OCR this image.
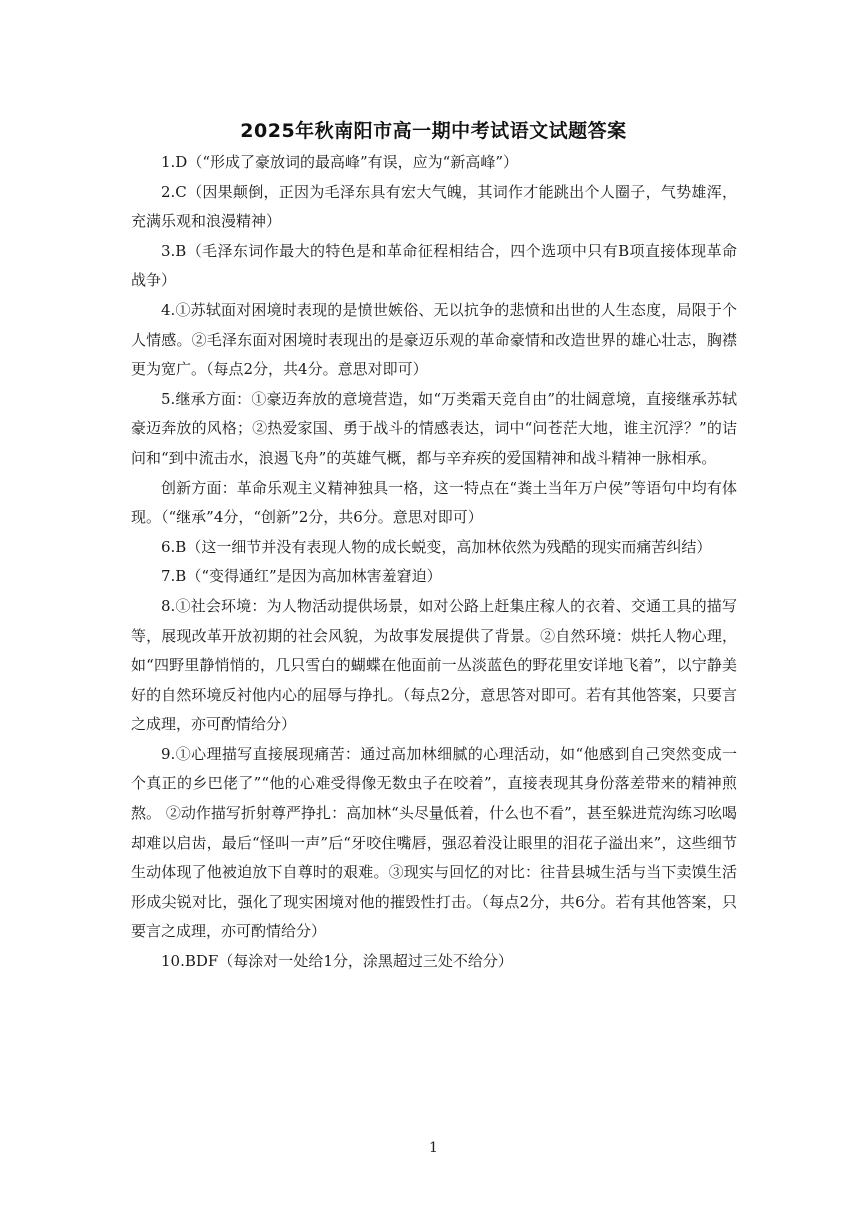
2025年秋南阳市高一期中考试语文试题答案

1.D（“形成了豪放词的最高峰”有误，应为“新高峰”）

2.C（因果颠倒，正因为毛泽东具有宏大气魄，其词作才能跳出个人圈子，气势雄浑，充满乐观和浪漫精神）

3.B（毛泽东词作最大的特色是和革命征程相结合，四个选项中只有B项直接体现革命战争）

4.①苏轼面对困境时表现的是愤世嫉俗、无以抗争的悲愤和出世的人生态度，局限于个人情感。②毛泽东面对困境时表现出的是豪迈乐观的革命豪情和改造世界的雄心壮志，胸襟更为宽广。（每点2分，共4分。意思对即可）

5.继承方面：①豪迈奔放的意境营造，如“万类霜天竞自由”的壮阔意境，直接继承苏轼豪迈奔放的风格；②热爱家国、勇于战斗的情感表达，词中“问苍茫大地，谁主沉浮？”的诘问和“到中流击水，浪遏飞舟”的英雄气概，都与辛弃疾的爱国精神和战斗精神一脉相承。

创新方面：革命乐观主义精神独具一格，这一特点在“粪土当年万户侯”等语句中均有体现。（“继承”4分，“创新”2分，共6分。意思对即可）

6.B（这一细节并没有表现人物的成长蜕变，高加林依然为残酷的现实而痛苦纠结）

7.B（“变得通红”是因为高加林害羞窘迫）

8.①社会环境：为人物活动提供场景，如对公路上赶集庄稼人的衣着、交通工具的描写等，展现改革开放初期的社会风貌，为故事发展提供了背景。②自然环境：烘托人物心理，如“四野里静悄悄的，几只雪白的蝴蝶在他面前一丛淡蓝色的野花里安详地飞着”，以宁静美好的自然环境反衬他内心的屈辱与挣扎。（每点2分，意思答对即可。若有其他答案，只要言之成理，亦可酌情给分）

9.①心理描写直接展现痛苦：通过高加林细腻的心理活动，如“他感到自己突然变成一个真正的乡巴佬了”“他的心难受得像无数虫子在咬着”，直接表现其身份落差带来的精神煎熬。 ②动作描写折射尊严挣扎：高加林“头尽量低着，什么也不看”，甚至躲进荒沟练习吆喝却难以启齿，最后“怪叫一声”后“牙咬住嘴唇，强忍着没让眼里的泪花子溢出来”，这些细节生动体现了他被迫放下自尊时的艰难。③现实与回忆的对比：往昔县城生活与当下卖馍生活形成尖锐对比，强化了现实困境对他的摧毁性打击。（每点2分，共6分。若有其他答案，只要言之成理，亦可酌情给分）

10.BDF（每涂对一处给1分，涂黑超过三处不给分）

1
